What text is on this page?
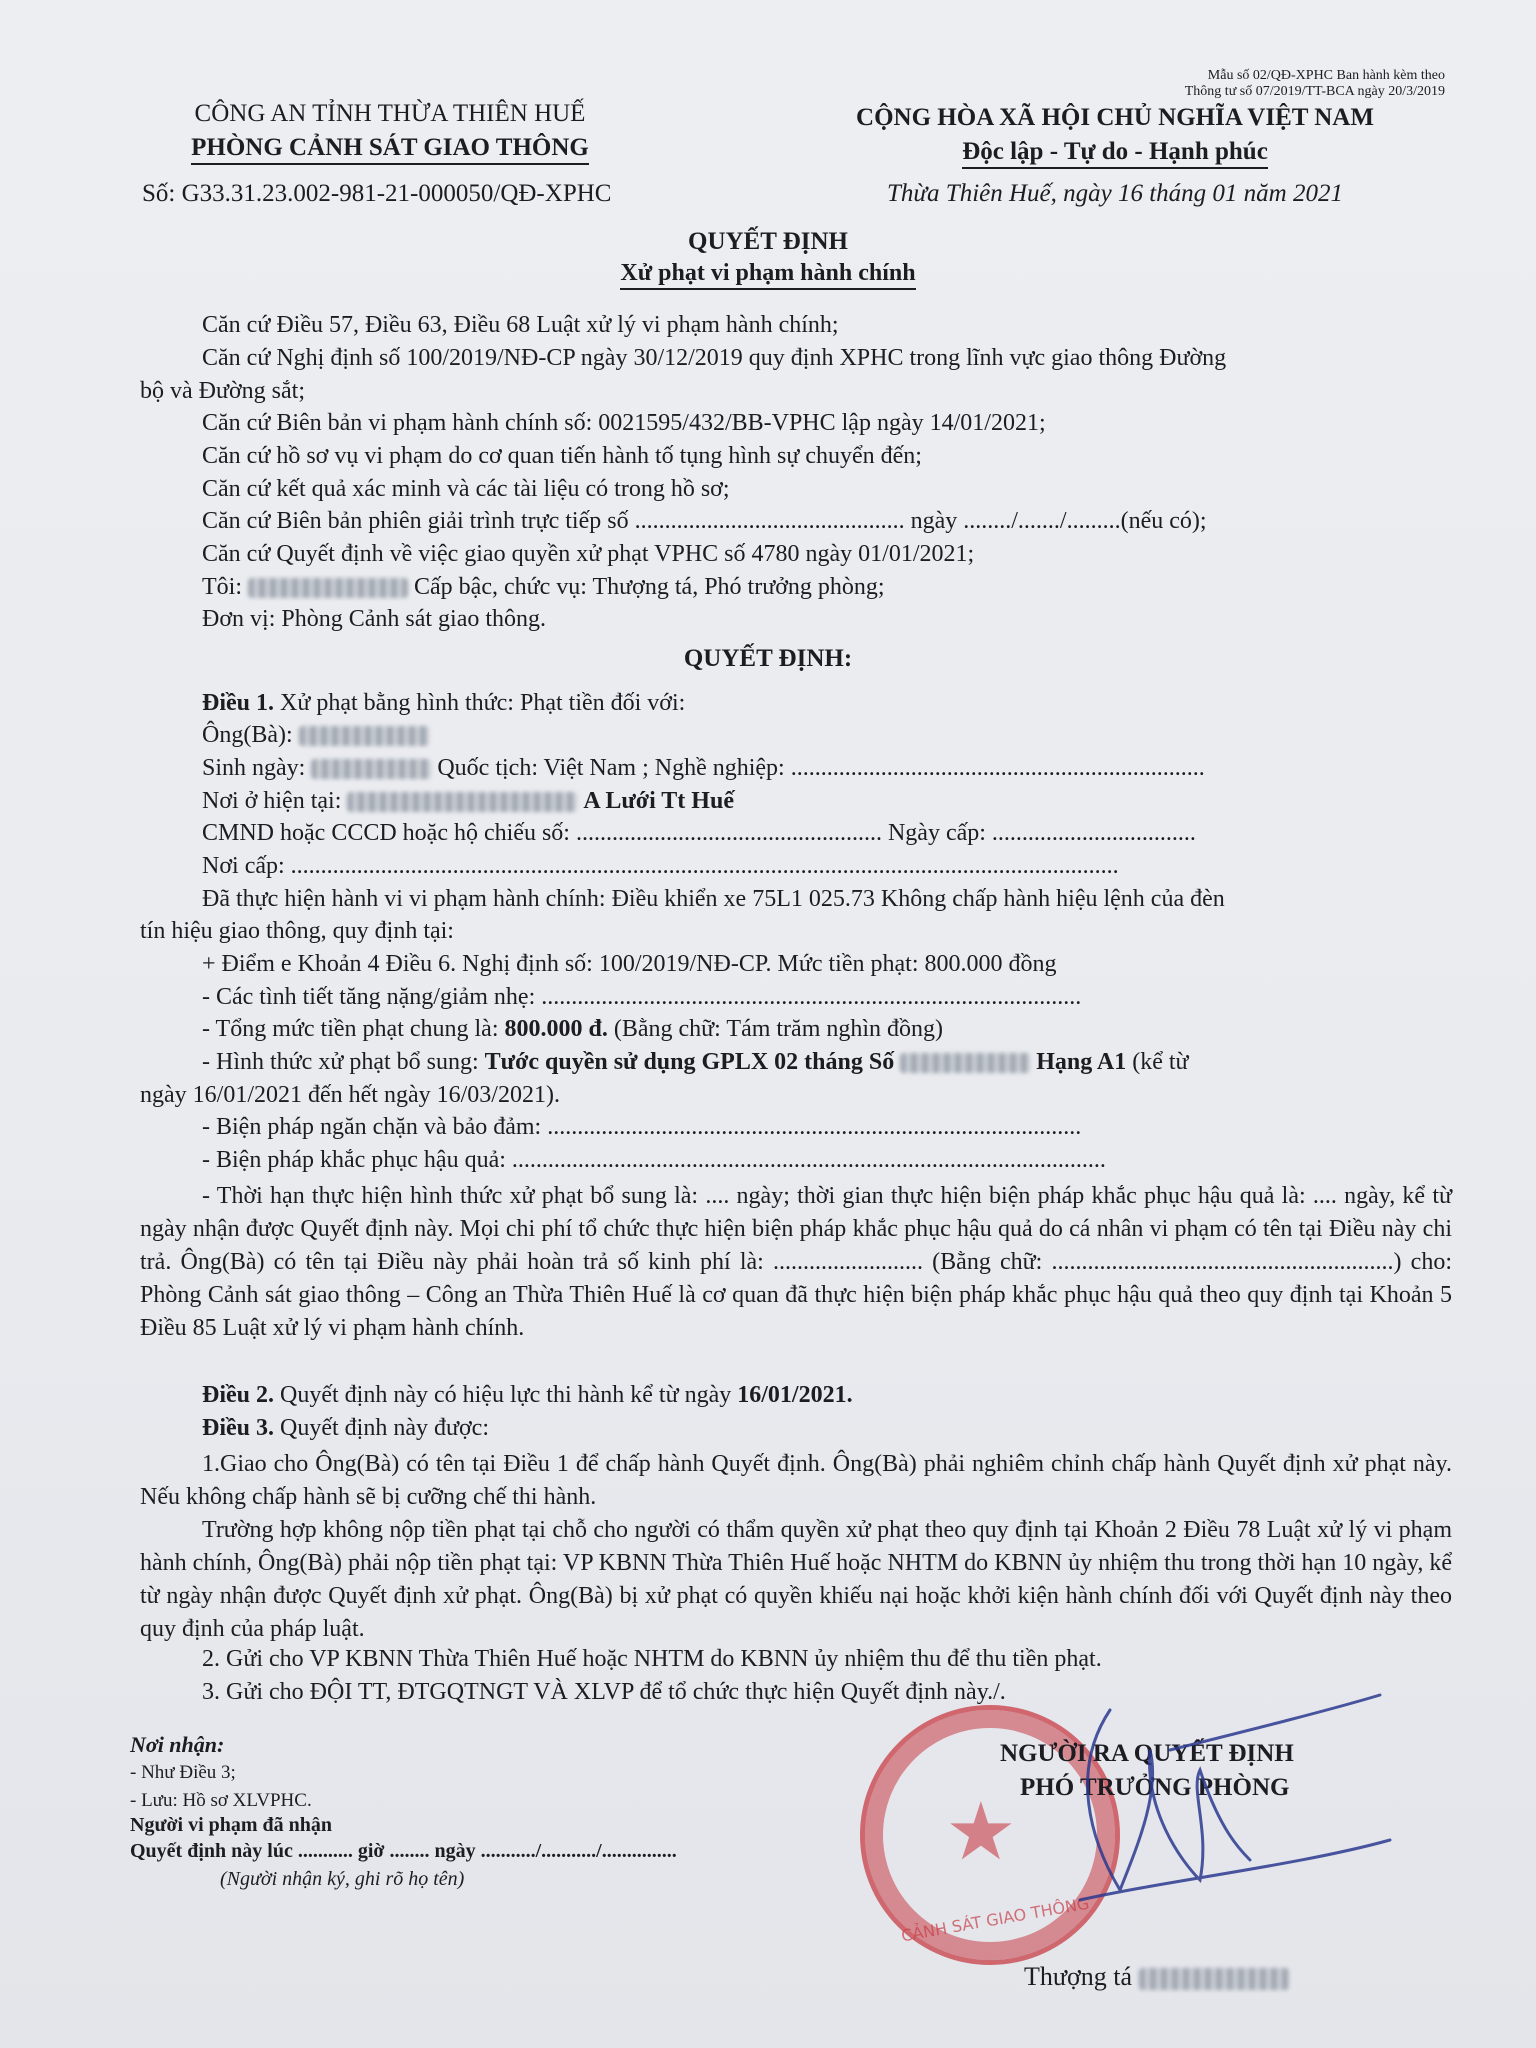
Mẫu số 02/QĐ-XPHC Ban hành kèm theo
Thông tư số 07/2019/TT-BCA ngày 20/3/2019
CÔNG AN TỈNH THỪA THIÊN HUẾ
PHÒNG CẢNH SÁT GIAO THÔNG
Số: G33.31.23.002-981-21-000050/QĐ-XPHC
CỘNG HÒA XÃ HỘI CHỦ NGHĨA VIỆT NAM
Độc lập - Tự do - Hạnh phúc
Thừa Thiên Huế, ngày 16 tháng 01 năm 2021
QUYẾT ĐỊNH
Xử phạt vi phạm hành chính
Căn cứ Điều 57, Điều 63, Điều 68 Luật xử lý vi phạm hành chính;
Căn cứ Nghị định số 100/2019/NĐ-CP ngày 30/12/2019 quy định XPHC trong lĩnh vực giao thông Đường
bộ và Đường sắt;
Căn cứ Biên bản vi phạm hành chính số: 0021595/432/BB-VPHC lập ngày 14/01/2021;
Căn cứ hồ sơ vụ vi phạm do cơ quan tiến hành tố tụng hình sự chuyển đến;
Căn cứ kết quả xác minh và các tài liệu có trong hồ sơ;
Căn cứ Biên bản phiên giải trình trực tiếp số ............................................. ngày ......../......./.........(nếu có);
Căn cứ Quyết định về việc giao quyền xử phạt VPHC số 4780 ngày 01/01/2021;
Tôi:	Cấp bậc, chức vụ: Thượng tá, Phó trưởng phòng;
Đơn vị: Phòng Cảnh sát giao thông.
QUYẾT ĐỊNH:
Điều 1. Xử phạt bằng hình thức: Phạt tiền đối với:
Ông(Bà):
Sinh ngày:	Quốc tịch: Việt Nam ; Nghề nghiệp: .....................................................................
Nơi ở hiện tại:	A Lưới Tt Huế
CMND hoặc CCCD hoặc hộ chiếu số: ................................................... Ngày cấp: ..................................
Nơi cấp: ..........................................................................................................................................
Đã thực hiện hành vi vi phạm hành chính: Điều khiển xe 75L1 025.73 Không chấp hành hiệu lệnh của đèn
tín hiệu giao thông, quy định tại:
+ Điểm e Khoản 4 Điều 6. Nghị định số: 100/2019/NĐ-CP. Mức tiền phạt: 800.000 đồng
- Các tình tiết tăng nặng/giảm nhẹ: ..........................................................................................
- Tổng mức tiền phạt chung là: 800.000 đ. (Bằng chữ: Tám trăm nghìn đồng)
- Hình thức xử phạt bổ sung: Tước quyền sử dụng GPLX 02 tháng Số	Hạng A1 (kể từ
ngày 16/01/2021 đến hết ngày 16/03/2021).
- Biện pháp ngăn chặn và bảo đảm: .........................................................................................
- Biện pháp khắc phục hậu quả: ...................................................................................................
- Thời hạn thực hiện hình thức xử phạt bổ sung là: .... ngày; thời gian thực hiện biện pháp khắc phục hậu quả là: .... ngày, kể từ ngày nhận được Quyết định này. Mọi chi phí tổ chức thực hiện biện pháp khắc phục hậu quả do cá nhân vi phạm có tên tại Điều này chi trả. Ông(Bà) có tên tại Điều này phải hoàn trả số kinh phí là: ......................... (Bằng chữ: .........................................................) cho: Phòng Cảnh sát giao thông – Công an Thừa Thiên Huế là cơ quan đã thực hiện biện pháp khắc phục hậu quả theo quy định tại Khoản 5 Điều 85 Luật xử lý vi phạm hành chính.
Điều 2. Quyết định này có hiệu lực thi hành kể từ ngày 16/01/2021.
Điều 3. Quyết định này được:
1.Giao cho Ông(Bà) có tên tại Điều 1 để chấp hành Quyết định. Ông(Bà) phải nghiêm chỉnh chấp hành Quyết định xử phạt này. Nếu không chấp hành sẽ bị cưỡng chế thi hành.
Trường hợp không nộp tiền phạt tại chỗ cho người có thẩm quyền xử phạt theo quy định tại Khoản 2 Điều 78 Luật xử lý vi phạm hành chính, Ông(Bà) phải nộp tiền phạt tại: VP KBNN Thừa Thiên Huế hoặc NHTM do KBNN ủy nhiệm thu trong thời hạn 10 ngày, kể từ ngày nhận được Quyết định xử phạt. Ông(Bà) bị xử phạt có quyền khiếu nại hoặc khởi kiện hành chính đối với Quyết định này theo quy định của pháp luật.
2. Gửi cho VP KBNN Thừa Thiên Huế hoặc NHTM do KBNN ủy nhiệm thu để thu tiền phạt.
3. Gửi cho ĐỘI TT, ĐTGQTNGT VÀ XLVP để tổ chức thực hiện Quyết định này./.
Nơi nhận:
- Như Điều 3;
- Lưu: Hồ sơ XLVPHC.
Người vi phạm đã nhận
Quyết định này lúc ........... giờ ........ ngày .........../.........../...............
(Người nhận ký, ghi rõ họ tên)
★
CẢNH SÁT GIAO THÔNG
NGƯỜI RA QUYẾT ĐỊNH
PHÓ TRƯỞNG PHÒNG
Thượng tá
